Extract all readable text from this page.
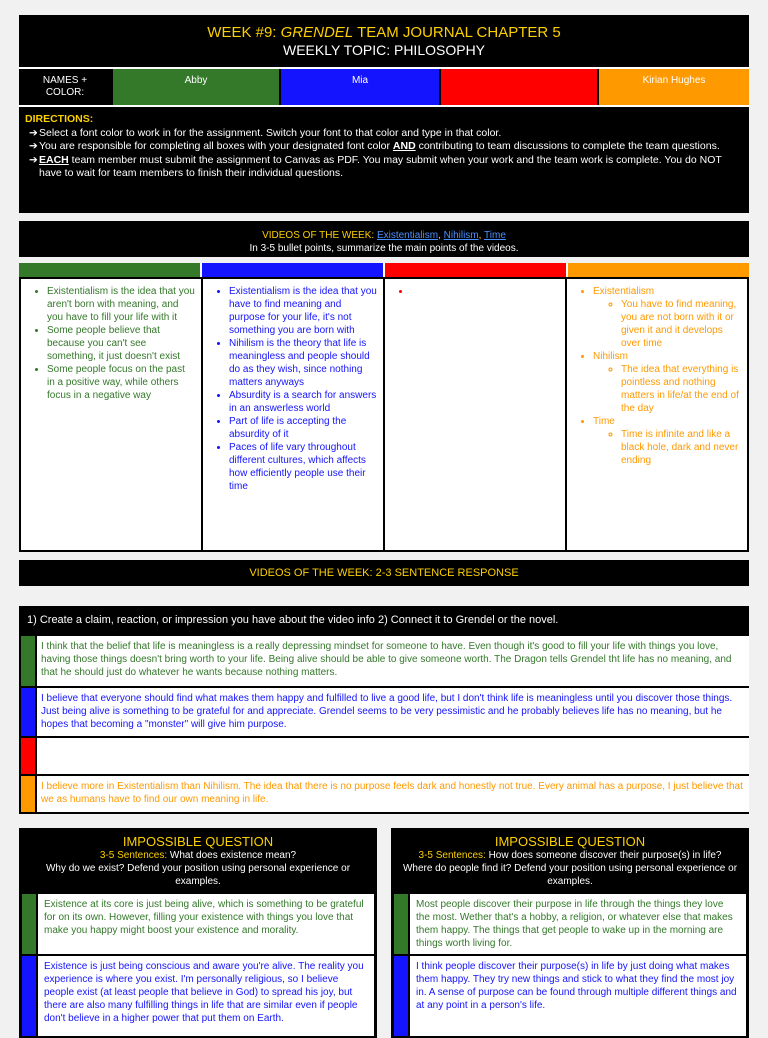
WEEK #9: GRENDEL TEAM JOURNAL CHAPTER 5
WEEKLY TOPIC: PHILOSOPHY
NAMES +
COLOR:
Abby	Mia	Kirian Hughes
DIRECTIONS:
➔ Select a font color to work in for the assignment. Switch your font to that color and type in that color.
➔ You are responsible for completing all boxes with your designated font color AND contributing to team discussions to complete the team questions.
➔ EACH team member must submit the assignment to Canvas as PDF. You may submit when your work and the team work is complete. You do NOT have to wait for team members to finish their individual questions.
VIDEOS OF THE WEEK: Existentialism, Nihilism, Time
In 3-5 bullet points, summarize the main points of the videos.
• Existentialism is the idea that you aren't born with meaning, and you have to fill your life with it
• Some people believe that because you can't see something, it just doesn't exist
• Some people focus on the past in a positive way, while others focus in a negative way
• Existentialism is the idea that you have to find meaning and purpose for your life, it's not something you are born with
• Nihilism is the theory that life is meaningless and people should do as they wish, since nothing matters anyways
• Absurdity is a search for answers in an answerless world
• Part of life is accepting the absurdity of it
• Paces of life vary throughout different cultures, which affects how efficiently people use their time
•
• Existentialism
◦ You have to find meaning, you are not born with it or given it and it develops over time
• Nihilism
◦ The idea that everything is pointless and nothing matters in life/at the end of the day
• Time
◦ Time is infinite and like a black hole, dark and never ending
VIDEOS OF THE WEEK: 2-3 SENTENCE RESPONSE
1) Create a claim, reaction, or impression you have about the video info 2) Connect it to Grendel or the novel.
I think that the belief that life is meaningless is a really depressing mindset for someone to have. Even though it's good to fill your life with things you love, having those things doesn't bring worth to your life. Being alive should be able to give someone worth. The Dragon tells Grendel tht life has no meaning, and that he should just do whatever he wants because nothing matters.
I believe that everyone should find what makes them happy and fulfilled to live a good life, but I don't think life is meaningless until you discover those things. Just being alive is something to be grateful for and appreciate. Grendel seems to be very pessimistic and he probably believes life has no meaning, but he hopes that becoming a "monster" will give him purpose.
I believe more in Existentialism than Nihilism. The idea that there is no purpose feels dark and honestly not true. Every animal has a purpose, I just believe that we as humans have to find our own meaning in life.
IMPOSSIBLE QUESTION
3-5 Sentences: What does existence mean?
Why do we exist? Defend your position using personal experience or examples.
Existence at its core is just being alive, which is something to be grateful for on its own. However, filling your existence with things you love that make you happy might boost your existence and morality.
Existence is just being conscious and aware you're alive. The reality you experience is where you exist. I'm personally religious, so I believe people exist (at least people that believe in God) to spread his joy, but there are also many fulfilling things in life that are similar even if people don't believe in a higher power that put them on Earth.
IMPOSSIBLE QUESTION
3-5 Sentences: How does someone discover their purpose(s) in life?
Where do people find it? Defend your position using personal experience or examples.
Most people discover their purpose in life through the things they love the most. Wether that's a hobby, a religion, or whatever else that makes them happy. The things that get people to wake up in the morning are things worth living for.
I think people discover their purpose(s) in life by just doing what makes them happy. They try new things and stick to what they find the most joy in. A sense of purpose can be found through multiple different things and at any point in a person's life.
